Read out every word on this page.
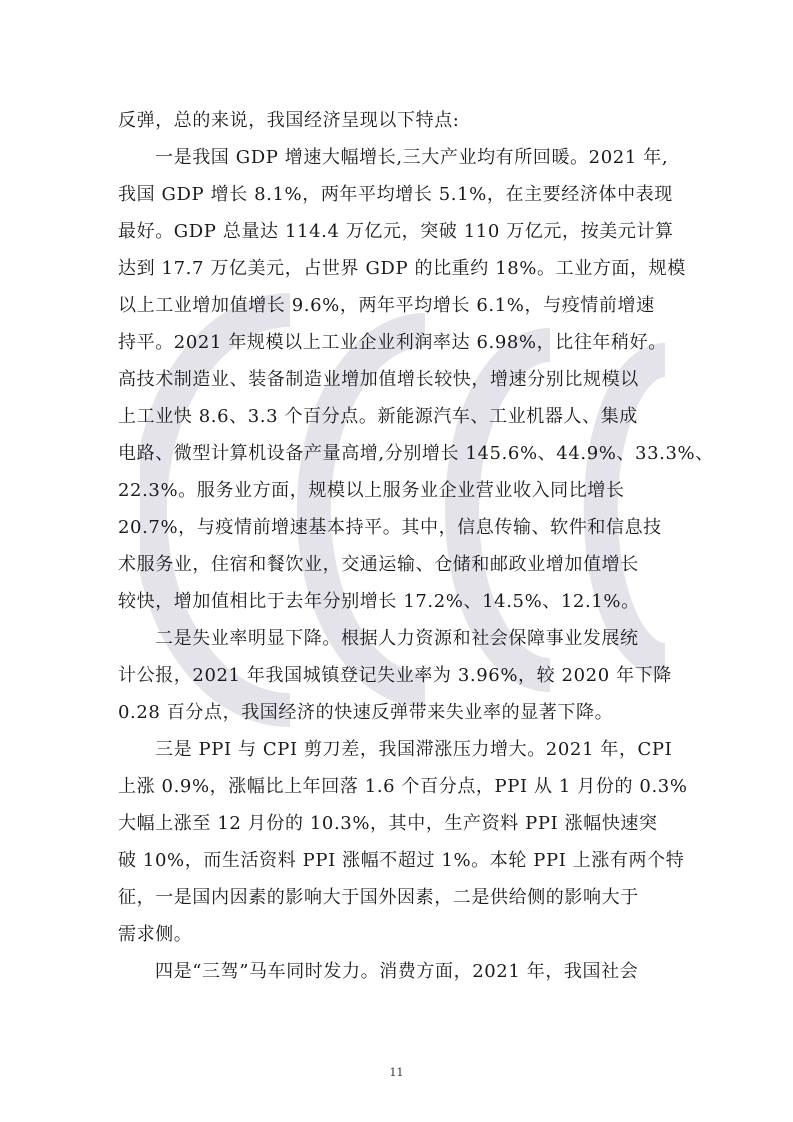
反弹，总的来说，我国经济呈现以下特点:
一是我国 GDP 增速大幅增长,三大产业均有所回暖。2021 年,
我国 GDP 增长 8.1%，两年平均增长 5.1%，在主要经济体中表现
最好。GDP 总量达 114.4 万亿元，突破 110 万亿元，按美元计算
达到 17.7 万亿美元，占世界 GDP 的比重约 18%。工业方面，规模
以上工业增加值增长 9.6%，两年平均增长 6.1%，与疫情前增速
持平。2021 年规模以上工业企业利润率达 6.98%，比往年稍好。
高技术制造业、装备制造业增加值增长较快，增速分别比规模以
上工业快 8.6、3.3 个百分点。新能源汽车、工业机器人、集成
电路、微型计算机设备产量高增,分别增长 145.6%、44.9%、33.3%、
22.3%。服务业方面，规模以上服务业企业营业收入同比增长
20.7%，与疫情前增速基本持平。其中，信息传输、软件和信息技
术服务业，住宿和餐饮业，交通运输、仓储和邮政业增加值增长
较快，增加值相比于去年分别增长 17.2%、14.5%、12.1%。
二是失业率明显下降。根据人力资源和社会保障事业发展统
计公报，2021 年我国城镇登记失业率为 3.96%，较 2020 年下降
0.28 百分点，我国经济的快速反弹带来失业率的显著下降。
三是 PPI 与 CPI 剪刀差，我国滞涨压力增大。2021 年，CPI
上涨 0.9%，涨幅比上年回落 1.6 个百分点，PPI 从 1 月份的 0.3%
大幅上涨至 12 月份的 10.3%，其中，生产资料 PPI 涨幅快速突
破 10%，而生活资料 PPI 涨幅不超过 1%。本轮 PPI 上涨有两个特
征，一是国内因素的影响大于国外因素，二是供给侧的影响大于
需求侧。
四是“三驾”马车同时发力。消费方面，2021 年，我国社会
11
